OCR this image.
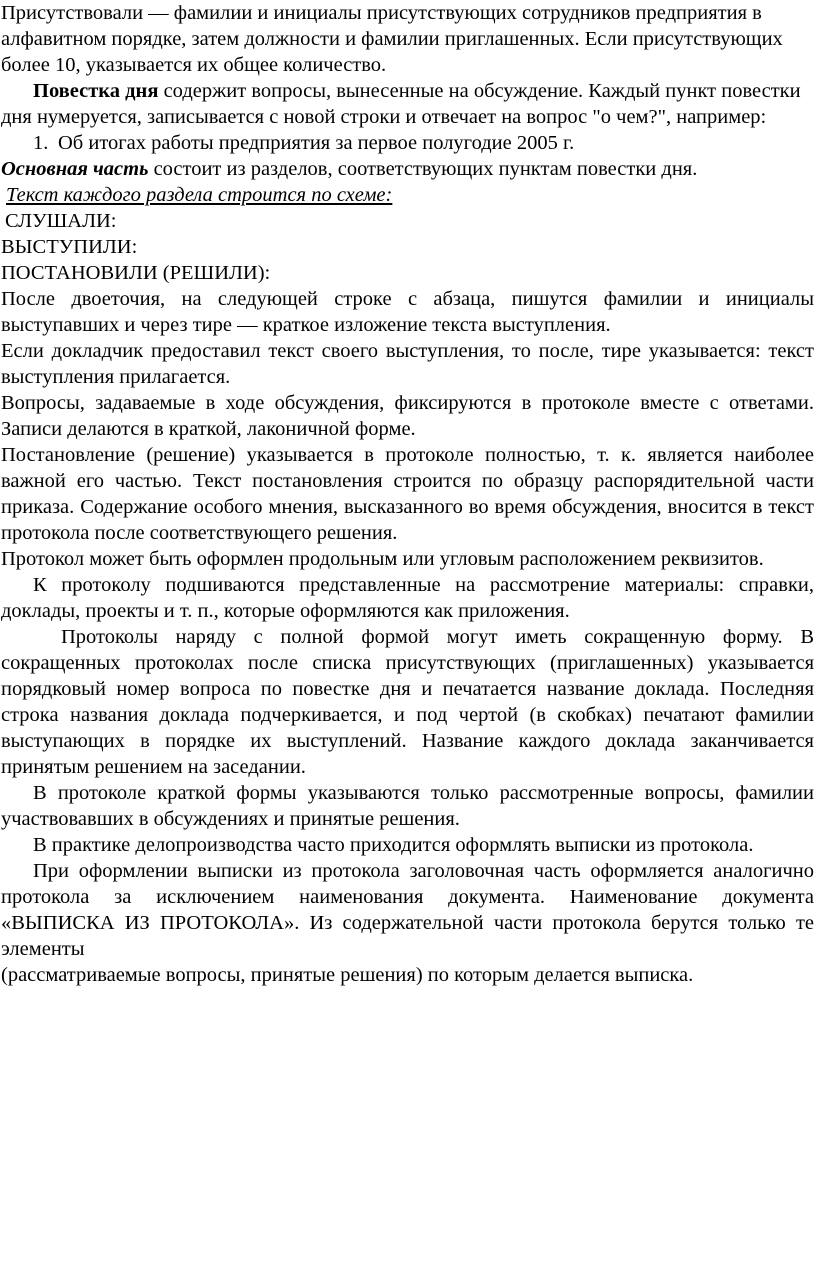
Присутствовали — фамилии и инициалы присутствующих сотрудников предприятия в алфавитном порядке, затем должности и фамилии приглашенных. Если присутствующих более 10, указывается их общее количество.

Повестка дня содержит вопросы, вынесенные на обсуждение. Каждый пункт повестки дня нумеруется, записывается с новой строки и отвечает на вопрос "о чем?", например:

1. Об итогах работы предприятия за первое полугодие 2005 г.

Основная часть состоит из разделов, соответствующих пунктам повестки дня.

Текст каждого раздела строится по схеме:

СЛУШАЛИ:

ВЫСТУПИЛИ:

ПОСТАНОВИЛИ (РЕШИЛИ):

После двоеточия, на следующей строке с абзаца, пишутся фамилии и инициалы выступавших и через тире — краткое изложение текста выступления.

Если докладчик предоставил текст своего выступления, то после, тире указывается: текст выступления прилагается.

Вопросы, задаваемые в ходе обсуждения, фиксируются в протоколе вместе с ответами. Записи делаются в краткой, лаконичной форме.

Постановление (решение) указывается в протоколе полностью, т. к. является наиболее важной его частью. Текст постановления строится по образцу распорядительной части приказа. Содержание особого мнения, высказанного во время обсуждения, вносится в текст протокола после соответствующего решения.

Протокол может быть оформлен продольным или угловым расположением реквизитов.

К протоколу подшиваются представленные на рассмотрение материалы: справки, доклады, проекты и т. п., которые оформляются как приложения.

Протоколы наряду с полной формой могут иметь сокращенную форму. В сокращенных протоколах после списка присутствующих (приглашенных) указывается порядковый номер вопроса по повестке дня и печатается название доклада. Последняя строка названия доклада подчеркивается, и под чертой (в скобках) печатают фамилии выступающих в порядке их выступлений. Название каждого доклада заканчивается принятым решением на заседании.

В протоколе краткой формы указываются только рассмотренные вопросы, фамилии участвовавших в обсуждениях и принятые решения.

В практике делопроизводства часто приходится оформлять выписки из протокола.

При оформлении выписки из протокола заголовочная часть оформляется аналогично протокола за исключением наименования документа. Наименование документа «ВЫПИСКА ИЗ ПРОТОКОЛА». Из содержательной части протокола берутся только те элементы

(рассматриваемые вопросы, принятые решения) по которым делается выписка.
